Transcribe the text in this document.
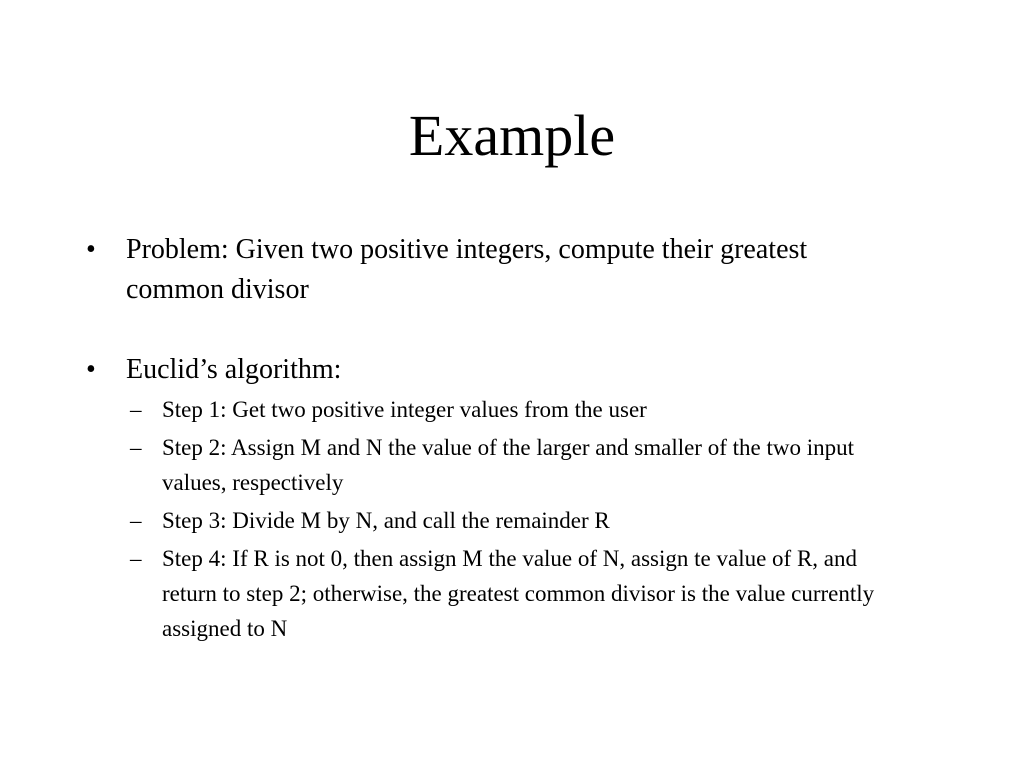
Example
• Problem: Given two positive integers, compute their greatest common divisor
• Euclid’s algorithm:
– Step 1: Get two positive integer values from the user
– Step 2: Assign M and N the value of the larger and smaller of the two input values, respectively
– Step 3: Divide M by N, and call the remainder R
– Step 4: If R is not 0, then assign M the value of N, assign te value of R, and return to step 2; otherwise, the greatest common divisor is the value currently assigned to N
